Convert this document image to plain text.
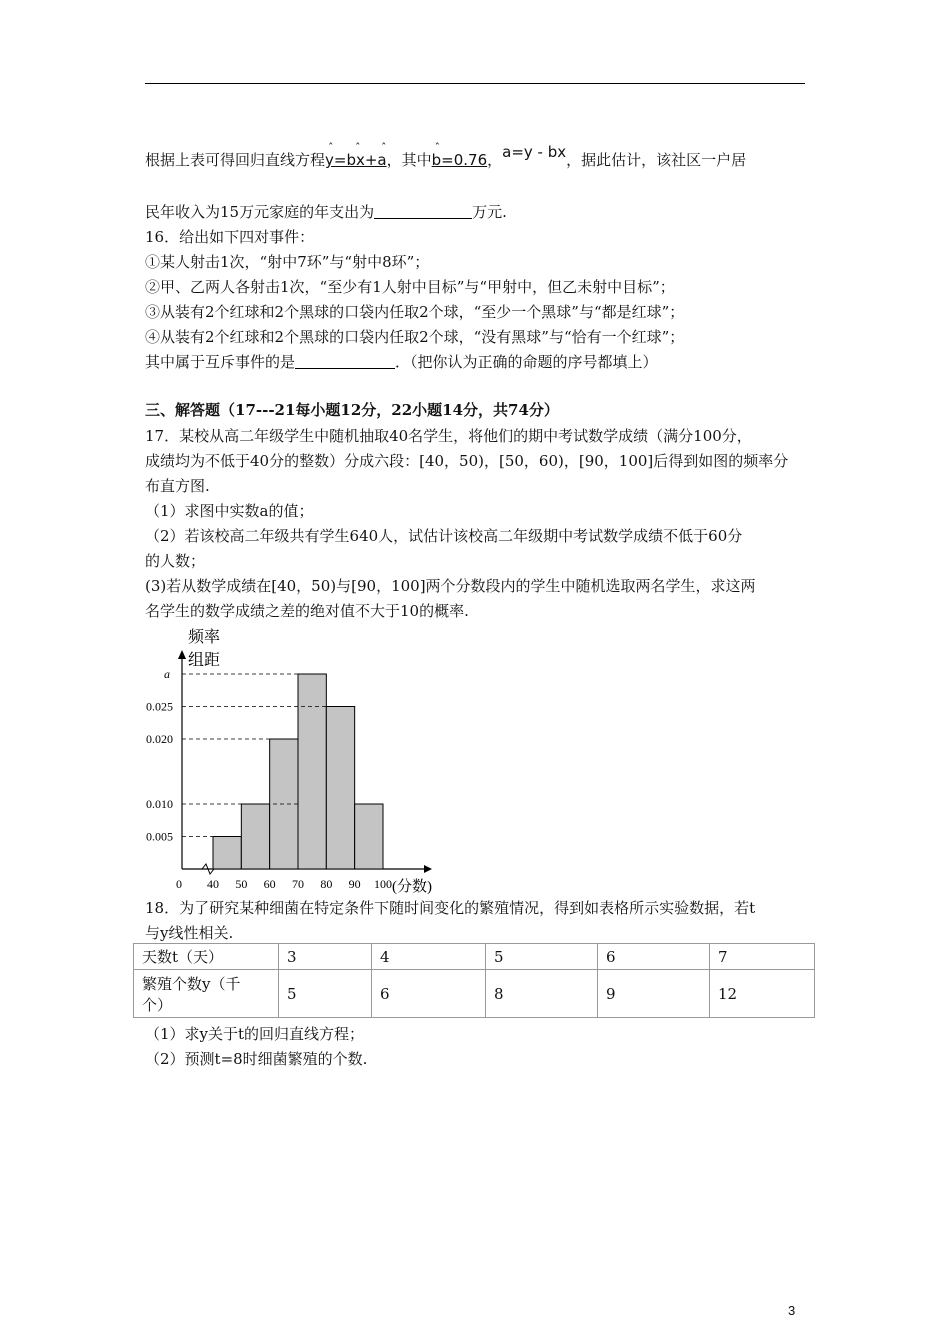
根据上表可得回归直线方程
ˆ ˆ ˆ
y=bx+a，其中
ˆ
b=0.76，a=y - bx，据此估计，该社区一户居
民年收入为15万元家庭的年支出为	万元.
16．给出如下四对事件：
①某人射击1次，“射中7环”与“射中8环”；
②甲、乙两人各射击1次，“至少有1人射中目标”与“甲射中，但乙未射中目标”；
③从装有2个红球和2个黑球的口袋内任取2个球，“至少一个黑球”与“都是红球”；
④从装有2个红球和2个黑球的口袋内任取2个球，“没有黑球”与“恰有一个红球”；
其中属于互斥事件的是	．（把你认为正确的命题的序号都填上）
三、解答题（17---21每小题12分，22小题14分，共74分）
17．某校从高二年级学生中随机抽取40名学生，将他们的期中考试数学成绩（满分100分，
成绩均为不低于40分的整数）分成六段：[40，50)，[50，60)，[90，100]后得到如图的频率分
布直方图.
（1）求图中实数a的值；
（2）若该校高二年级共有学生640人，试估计该校高二年级期中考试数学成绩不低于60分
的人数；
(3)若从数学成绩在[40，50)与[90，100]两个分数段内的学生中随机选取两名学生，求这两
名学生的数学成绩之差的绝对值不大于10的概率.
频率
组距
0.005
0.010
0.020
0.025
a
0 40 50 60 70 80 90 100 (分数)
18．为了研究某种细菌在特定条件下随时间变化的繁殖情况，得到如表格所示实验数据，若t
与y线性相关.
天数t（天）	3	4	5	6	7
繁殖个数y（千
个）	5	6	8	9	12
（1）求y关于t的回归直线方程；
（2）预测t=8时细菌繁殖的个数.
3
